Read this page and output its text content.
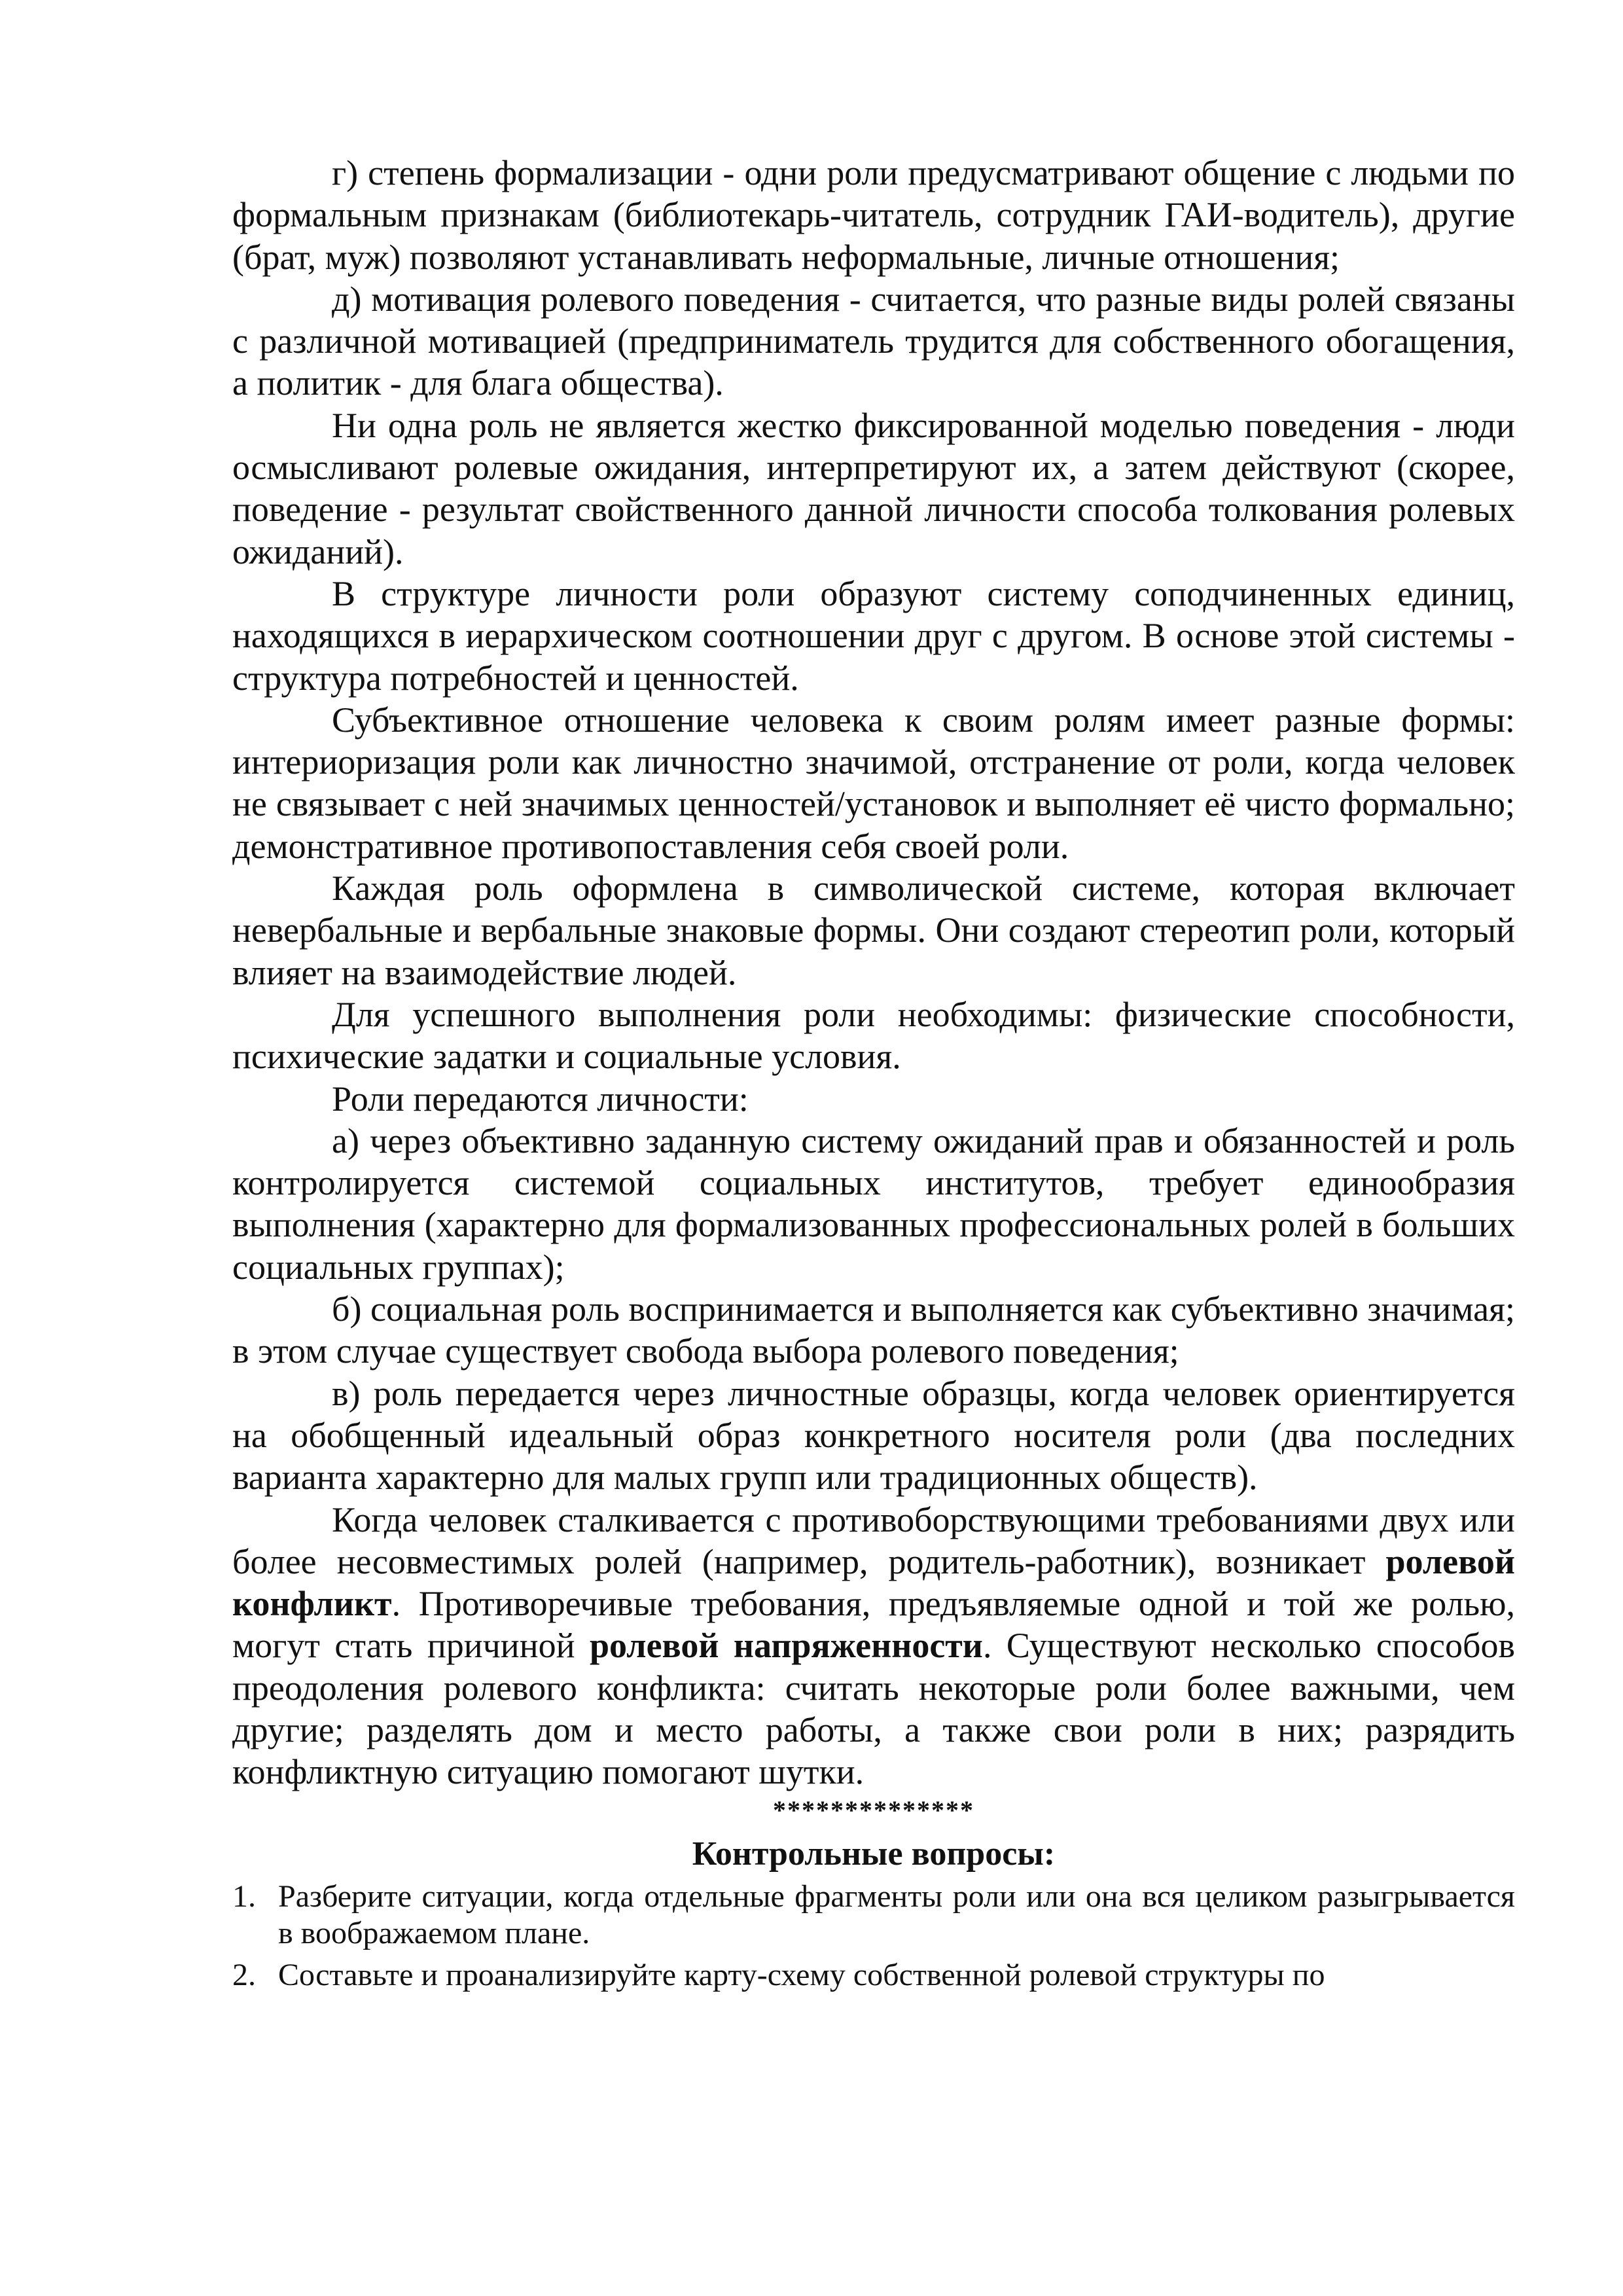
г) степень формализации - одни роли предусматривают общение с людьми по формальным признакам (библиотекарь-читатель, сотрудник ГАИ-водитель), другие (брат, муж) позволяют устанавливать неформальные, личные отношения;

д) мотивация ролевого поведения - считается, что разные виды ролей связаны с различной мотивацией (предприниматель трудится для собственного обогащения, а политик - для блага общества).

Ни одна роль не является жестко фиксированной моделью поведения - люди осмысливают ролевые ожидания, интерпретируют их, а затем действуют (скорее, поведение - результат свойственного данной личности способа толкования ролевых ожиданий).

В структуре личности роли образуют систему соподчиненных единиц, находящихся в иерархическом соотношении друг с другом. В основе этой системы - структура потребностей и ценностей.

Субъективное отношение человека к своим ролям имеет разные формы: интериоризация роли как личностно значимой, отстранение от роли, когда человек не связывает с ней значимых ценностей/установок и выполняет её чисто формально; демонстративное противопоставления себя своей роли.

Каждая роль оформлена в символической системе, которая включает невербальные и вербальные знаковые формы. Они создают стереотип роли, который влияет на взаимодействие людей.

Для успешного выполнения роли необходимы: физические способности, психические задатки и социальные условия.

Роли передаются личности:

а) через объективно заданную систему ожиданий прав и обязанностей и роль контролируется системой социальных институтов, требует единообразия выполнения (характерно для формализованных профессиональных ролей в больших социальных группах);

б) социальная роль воспринимается и выполняется как субъективно значимая; в этом случае существует свобода выбора ролевого поведения;

в) роль передается через личностные образцы, когда человек ориентируется на обобщенный идеальный образ конкретного носителя роли (два последних варианта характерно для малых групп или традиционных обществ).

Когда человек сталкивается с противоборствующими требованиями двух или более несовместимых ролей (например, родитель-работник), возникает ролевой конфликт. Противоречивые требования, предъявляемые одной и той же ролью, могут стать причиной ролевой напряженности. Существуют несколько способов преодоления ролевого конфликта: считать некоторые роли более важными, чем другие; разделять дом и место работы, а также свои роли в них; разрядить конфликтную ситуацию помогают шутки.

**************
Контрольные вопросы:
1. Разберите ситуации, когда отдельные фрагменты роли или она вся целиком разыгрывается в воображаемом плане.
2. Составьте и проанализируйте карту-схему собственной ролевой структуры по
